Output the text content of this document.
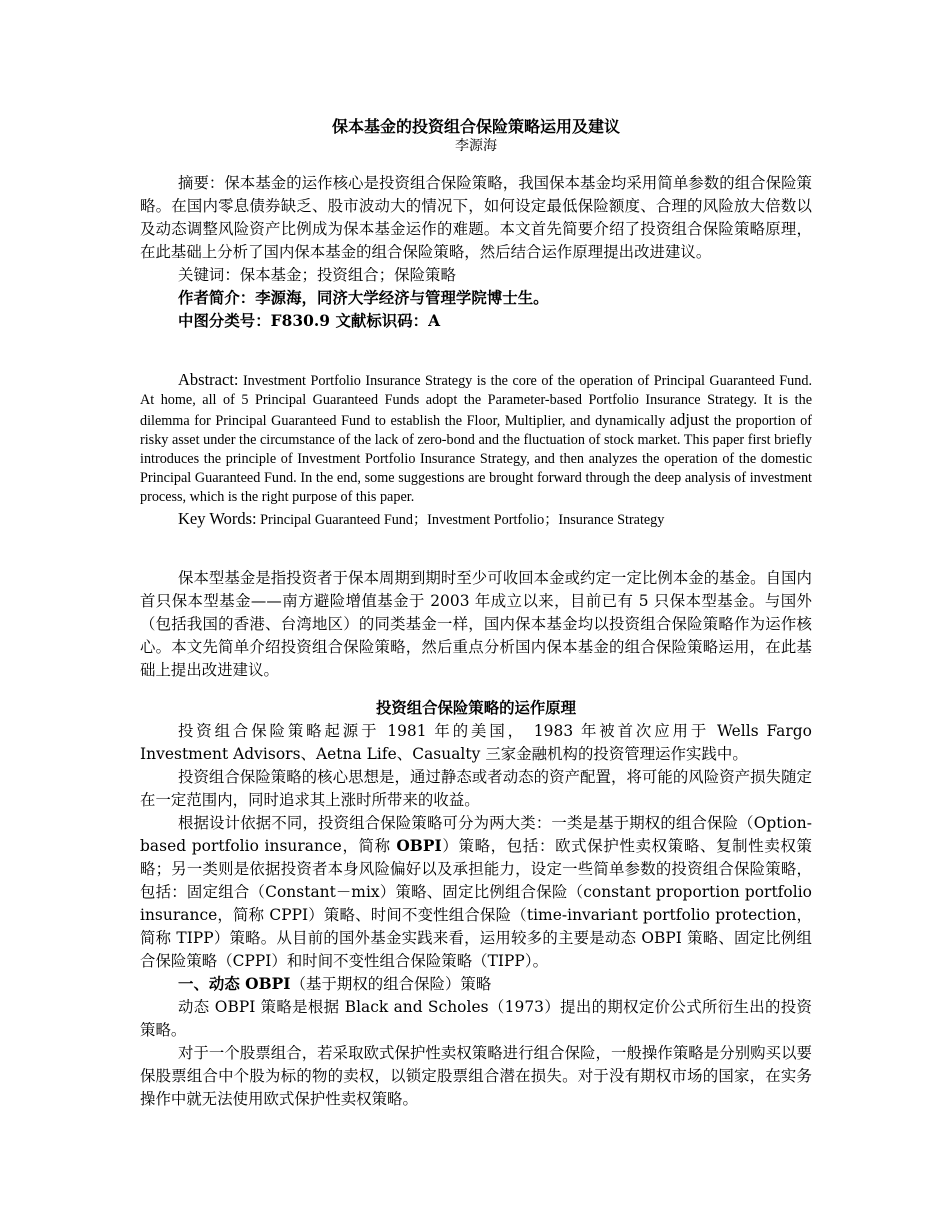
保本基金的投资组合保险策略运用及建议
李源海

摘要：保本基金的运作核心是投资组合保险策略，我国保本基金均采用简单参数的组合保险策略。在国内零息债券缺乏、股市波动大的情况下，如何设定最低保险额度、合理的风险放大倍数以及动态调整风险资产比例成为保本基金运作的难题。本文首先简要介绍了投资组合保险策略原理，在此基础上分析了国内保本基金的组合保险策略，然后结合运作原理提出改进建议。

关键词：保本基金；投资组合；保险策略

作者简介：李源海，同济大学经济与管理学院博士生。

中图分类号：F830.9 文献标识码：A

Abstract: Investment Portfolio Insurance Strategy is the core of the operation of Principal Guaranteed Fund. At home, all of 5 Principal Guaranteed Funds adopt the Parameter-based Portfolio Insurance Strategy. It is the dilemma for Principal Guaranteed Fund to establish the Floor, Multiplier, and dynamically adjust the proportion of risky asset under the circumstance of the lack of zero-bond and the fluctuation of stock market. This paper first briefly introduces the principle of Investment Portfolio Insurance Strategy, and then analyzes the operation of the domestic Principal Guaranteed Fund. In the end, some suggestions are brought forward through the deep analysis of investment process, which is the right purpose of this paper.

Key Words: Principal Guaranteed Fund；Investment Portfolio；Insurance Strategy

保本型基金是指投资者于保本周期到期时至少可收回本金或约定一定比例本金的基金。自国内首只保本型基金——南方避险增值基金于 2003 年成立以来，目前已有 5 只保本型基金。与国外（包括我国的香港、台湾地区）的同类基金一样，国内保本基金均以投资组合保险策略作为运作核心。本文先简单介绍投资组合保险策略，然后重点分析国内保本基金的组合保险策略运用，在此基础上提出改进建议。

投资组合保险策略的运作原理

投资组合保险策略起源于 1981 年的美国， 1983 年被首次应用于 Wells Fargo Investment Advisors、Aetna Life、Casualty 三家金融机构的投资管理运作实践中。

投资组合保险策略的核心思想是，通过静态或者动态的资产配置，将可能的风险资产损失随定在一定范围内，同时追求其上涨时所带来的收益。

根据设计依据不同，投资组合保险策略可分为两大类：一类是基于期权的组合保险（Option-based portfolio insurance，简称 OBPI）策略，包括：欧式保护性卖权策略、复制性卖权策略；另一类则是依据投资者本身风险偏好以及承担能力，设定一些简单参数的投资组合保险策略，包括：固定组合（Constant－mix）策略、固定比例组合保险（constant proportion portfolio insurance，简称 CPPI）策略、时间不变性组合保险（time-invariant portfolio protection，简称 TIPP）策略。从目前的国外基金实践来看，运用较多的主要是动态 OBPI 策略、固定比例组合保险策略（CPPI）和时间不变性组合保险策略（TIPP）。

一、动态 OBPI（基于期权的组合保险）策略

动态 OBPI 策略是根据 Black and Scholes（1973）提出的期权定价公式所衍生出的投资策略。

对于一个股票组合，若采取欧式保护性卖权策略进行组合保险，一般操作策略是分别购买以要保股票组合中个股为标的物的卖权，以锁定股票组合潜在损失。对于没有期权市场的国家，在实务操作中就无法使用欧式保护性卖权策略。
